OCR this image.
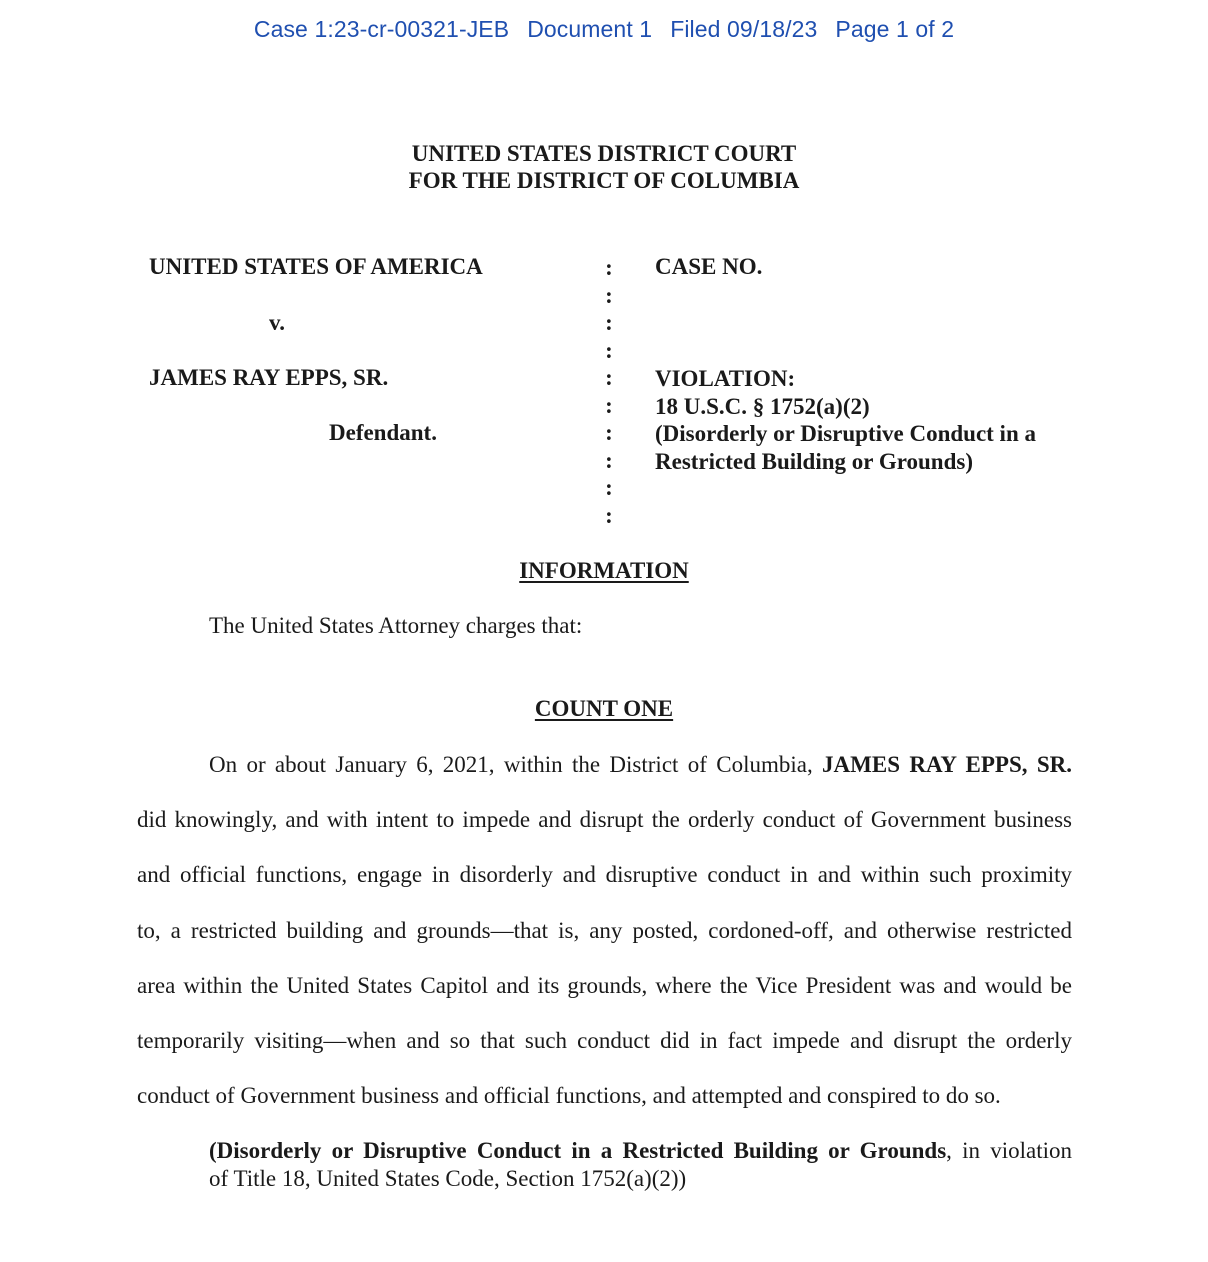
Case 1:23-cr-00321-JEB Document 1 Filed 09/18/23 Page 1 of 2
UNITED STATES DISTRICT COURT
FOR THE DISTRICT OF COLUMBIA
UNITED STATES OF AMERICA
v.
JAMES RAY EPPS, SR.
Defendant.
:
:
:
:
:
:
:
:
:
:
CASE NO.
VIOLATION:
18 U.S.C. § 1752(a)(2)
(Disorderly or Disruptive Conduct in a
Restricted Building or Grounds)
INFORMATION
The United States Attorney charges that:
COUNT ONE
On or about January 6, 2021, within the District of Columbia, JAMES RAY EPPS, SR.
did knowingly, and with intent to impede and disrupt the orderly conduct of Government business
and official functions, engage in disorderly and disruptive conduct in and within such proximity
to, a restricted building and grounds—that is, any posted, cordoned-off, and otherwise restricted
area within the United States Capitol and its grounds, where the Vice President was and would be
temporarily visiting—when and so that such conduct did in fact impede and disrupt the orderly
conduct of Government business and official functions, and attempted and conspired to do so.
(Disorderly or Disruptive Conduct in a Restricted Building or Grounds, in violation
of Title 18, United States Code, Section 1752(a)(2))
